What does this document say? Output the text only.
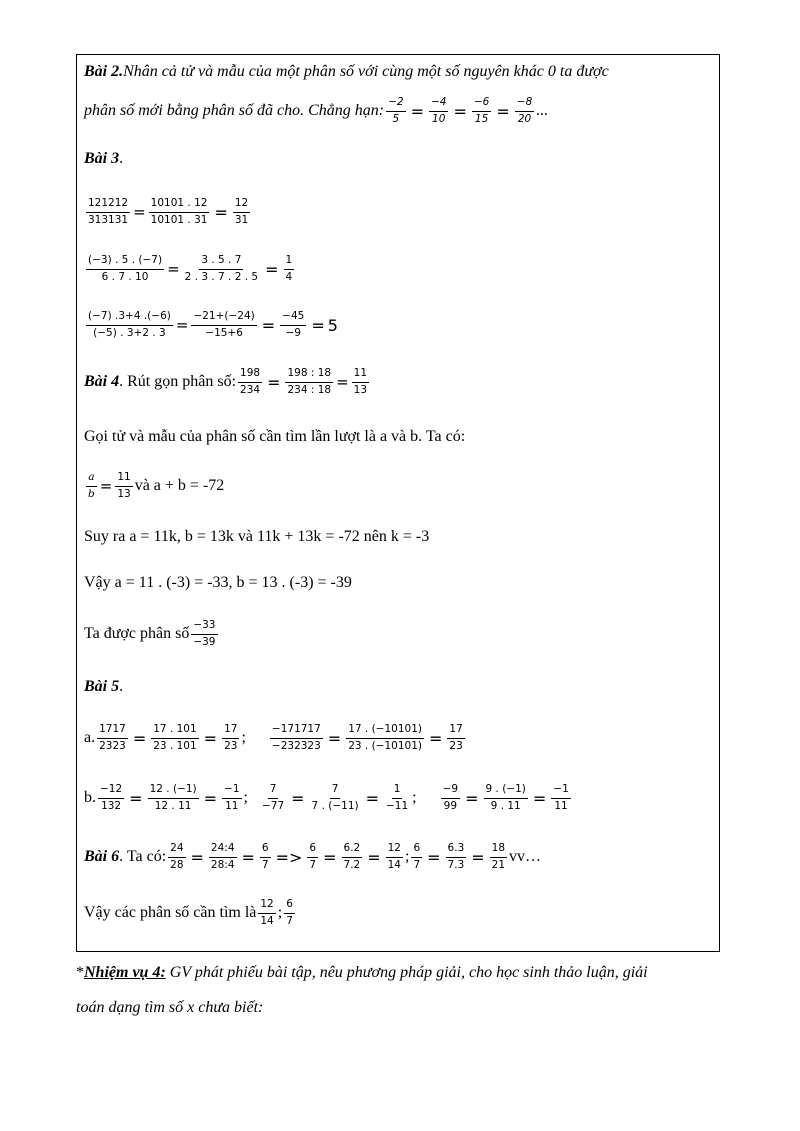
Bài 2. Nhân cả tử và mẫu của một phân số với cùng một số nguyên khác 0 ta được
phân số mới bằng phân số đã cho. Chẳng hạn: $\frac{-2}{5} = \frac{-4}{10} = \frac{-6}{15} = \frac{-8}{20}$ ...
Bài 3 .
$\frac{121212}{313131} = \frac{10101 . 12}{10101 . 31} = \frac{12}{31}$
$\frac{(-3) . 5 . (-7)}{6 . 7 . 10} = \frac{3 . 5 . 7}{2 . 3 . 7 . 2 . 5} = \frac{1}{4}$
$\frac{(-7) .3+4 .(-6)}{(-5) . 3+2 . 3} = \frac{-21+(-24)}{-15+6} = \frac{-45}{-9} = 5$
Bài 4 . Rút gọn phân số: $\frac{198}{234} = \frac{198 : 18}{234 : 18} = \frac{11}{13}$
Gọi tử và mẫu của phân số cần tìm lần lượt là a và b. Ta có:
$\frac{a}{b} = \frac{11}{13}$ và a + b = -72
Suy ra a = 11k, b = 13k và 11k + 13k = -72 nên k = -3
Vậy a = 11 . (-3) = -33, b = 13 . (-3) = -39
Ta được phân số $\frac{-33}{-39}$
Bài 5 .
a. $\frac{1717}{2323} = \frac{17 . 101}{23 . 101} = \frac{17}{23}$ ; $\frac{-171717}{-232323} = \frac{17 . (-10101)}{23 . (-10101)} = \frac{17}{23}$
b. $\frac{-12}{132} = \frac{12 . (-1)}{12 . 11} = \frac{-1}{11}$ ; $\frac{7}{-77} = \frac{7}{7 . (-11)} = \frac{1}{-11}$ ; $\frac{-9}{99} = \frac{9 . (-1)}{9 . 11} = \frac{-1}{11}$
Bài 6 . Ta có: $\frac{24}{28} = \frac{24:4}{28:4} = \frac{6}{7} => \frac{6}{7} = \frac{6.2}{7.2} = \frac{12}{14}$ ; $\frac{6}{7} = \frac{6.3}{7.3} = \frac{18}{21}$ vv…
Vậy các phân số cần tìm là $\frac{12}{14}$ ; $\frac{6}{7}$
*Nhiệm vụ 4: GV phát phiếu bài tập, nêu phương pháp giải, cho học sinh thảo luận, giải
toán dạng tìm số x chưa biết:
